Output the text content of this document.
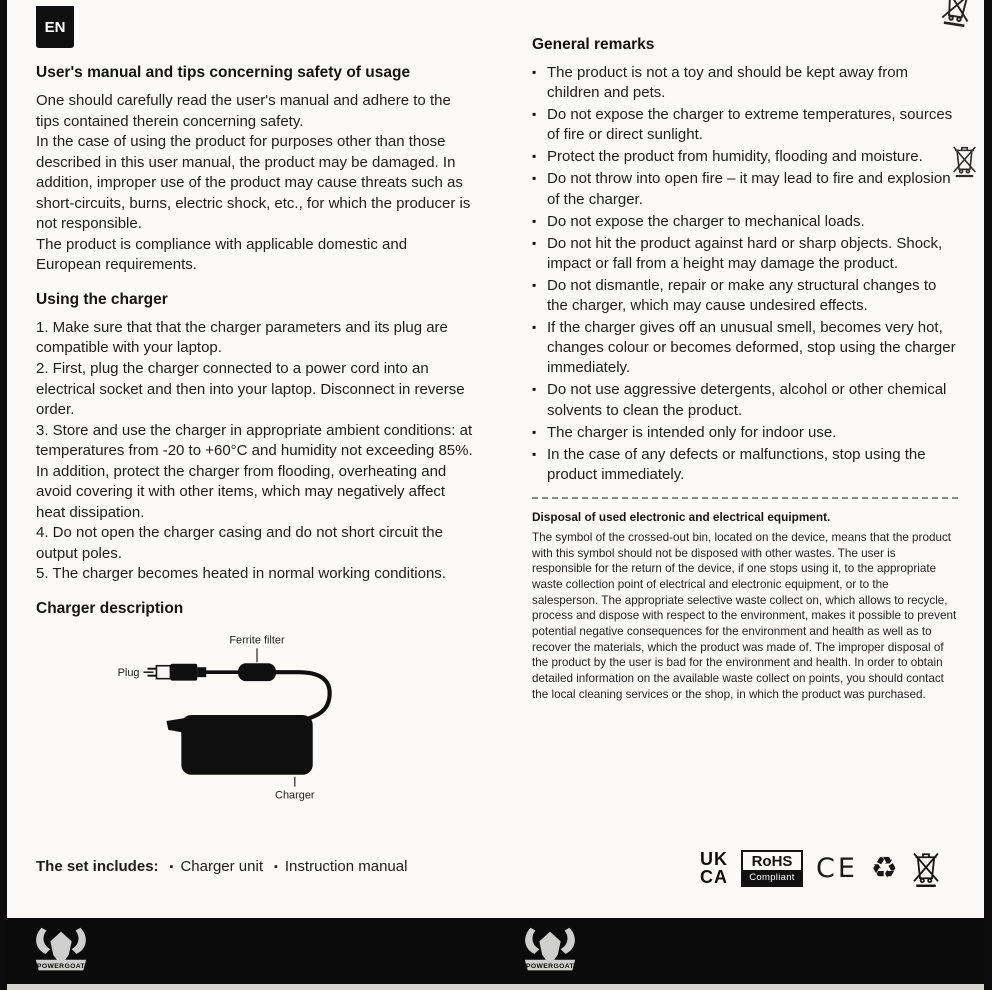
EN
User's manual and tips concerning safety of usage

One should carefully read the user's manual and adhere to the tips contained therein concerning safety.

In the case of using the product for purposes other than those described in this user manual, the product may be damaged. In addition, improper use of the product may cause threats such as short-circuits, burns, electric shock, etc., for which the producer is not responsible.

The product is compliance with applicable domestic and European requirements.

Using the charger

1. Make sure that that the charger parameters and its plug are compatible with your laptop.

2. First, plug the charger connected to a power cord into an electrical socket and then into your laptop. Disconnect in reverse order.

3. Store and use the charger in appropriate ambient conditions: at temperatures from -20 to +60°C and humidity not exceeding 85%. In addition, protect the charger from flooding, overheating and avoid covering it with other items, which may negatively affect heat dissipation.

4. Do not open the charger casing and do not short circuit the output poles.

5. The charger becomes heated in normal working conditions.

Charger description
Ferrite filter
Plug
Charger
The set includes: ▪ Charger unit ▪ Instruction manual
General remarks

▪ The product is not a toy and should be kept away from children and pets.

▪ Do not expose the charger to extreme temperatures, sources of fire or direct sunlight.

▪ Protect the product from humidity, flooding and moisture.

▪ Do not throw into open fire – it may lead to fire and explosion of the charger.

▪ Do not expose the charger to mechanical loads.

▪ Do not hit the product against hard or sharp objects. Shock, impact or fall from a height may damage the product.

▪ Do not dismantle, repair or make any structural changes to the charger, which may cause undesired effects.

▪ If the charger gives off an unusual smell, becomes very hot, changes colour or becomes deformed, stop using the charger immediately.

▪ Do not use aggressive detergents, alcohol or other chemical solvents to clean the product.

▪ The charger is intended only for indoor use.

▪ In the case of any defects or malfunctions, stop using the product immediately.

Disposal of used electronic and electrical equipment.

The symbol of the crossed-out bin, located on the device, means that the product with this symbol should not be disposed with other wastes. The user is responsible for the return of the device, if one stops using it, to the appropriate waste collection point of electrical and electronic equipment, or to the salesperson. The appropriate selective waste collect on, which allows to recycle, process and dispose with respect to the environment, makes it possible to prevent potential negative consequences for the environment and health as well as to recover the materials, which the product was made of. The improper disposal of the product by the user is bad for the environment and health. In order to obtain detailed information on the available waste collect on points, you should contact the local cleaning services or the shop, in which the product was purchased.

UK
CA
RoHS
Compliant CE ♻
POWERGOAT	POWERGOAT
